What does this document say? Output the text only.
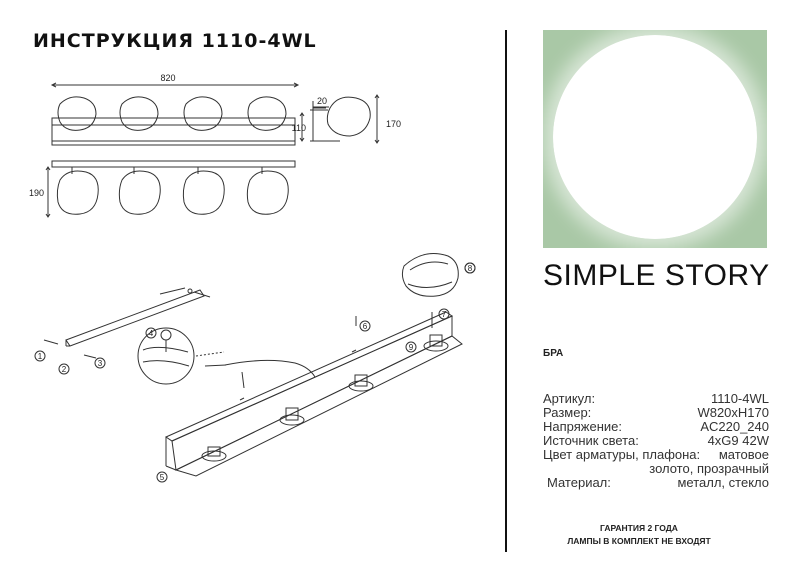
ИНСТРУКЦИЯ 1110-4WL
820
20
110	170
190
1
2
3
4
5
6
7
8
9
SIMPLE STORY
БРА
Артикул:	1110-4WL
Размер:	W820xH170
Напряжение:	AC220_240
Источник света:	4xG9 42W
Цвет арматуры, плафона: матовое
золото, прозрачный
Материал:	металл, стекло
ГАРАНТИЯ 2 ГОДА
ЛАМПЫ В КОМПЛЕКТ НЕ ВХОДЯТ
